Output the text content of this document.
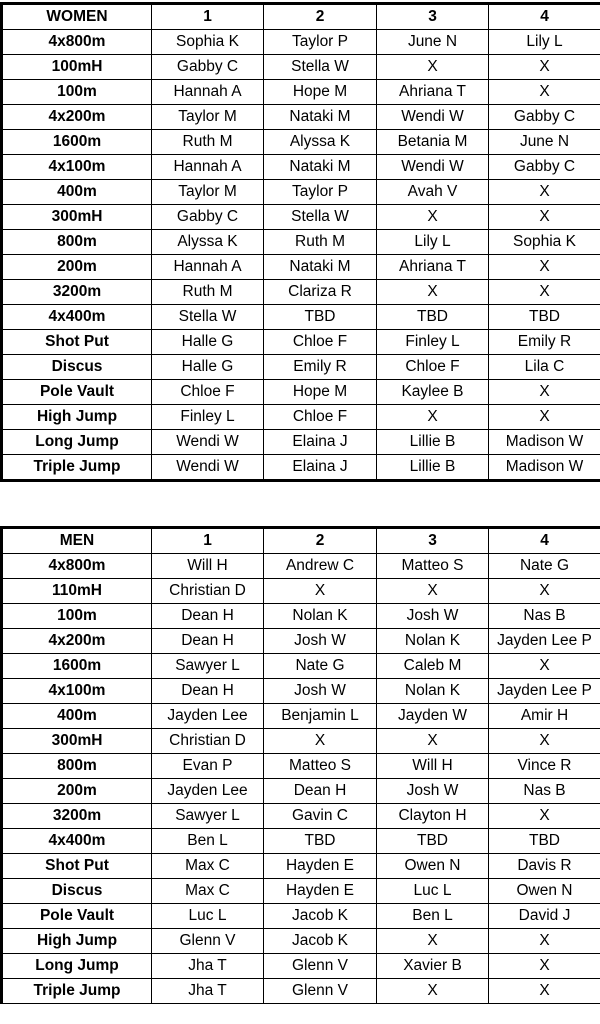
WOMEN	1	2	3	4
4x800m	Sophia K	Taylor P	June N	Lily L
100mH	Gabby C	Stella W	X	X
100m	Hannah A	Hope M	Ahriana T	X
4x200m	Taylor M	Nataki M	Wendi W	Gabby C
1600m	Ruth M	Alyssa K	Betania M	June N
4x100m	Hannah A	Nataki M	Wendi W	Gabby C
400m	Taylor M	Taylor P	Avah V	X
300mH	Gabby C	Stella W	X	X
800m	Alyssa K	Ruth M	Lily L	Sophia K
200m	Hannah A	Nataki M	Ahriana T	X
3200m	Ruth M	Clariza R	X	X
4x400m	Stella W	TBD	TBD	TBD
Shot Put	Halle G	Chloe F	Finley L	Emily R
Discus	Halle G	Emily R	Chloe F	Lila C
Pole Vault	Chloe F	Hope M	Kaylee B	X
High Jump	Finley L	Chloe F	X	X
Long Jump	Wendi W	Elaina J	Lillie B	Madison W
Triple Jump	Wendi W	Elaina J	Lillie B	Madison W
MEN	1	2	3	4
4x800m	Will H	Andrew C	Matteo S	Nate G
110mH	Christian D	X	X	X
100m	Dean H	Nolan K	Josh W	Nas B
4x200m	Dean H	Josh W	Nolan K	Jayden Lee P
1600m	Sawyer L	Nate G	Caleb M	X
4x100m	Dean H	Josh W	Nolan K	Jayden Lee P
400m	Jayden Lee	Benjamin L	Jayden W	Amir H
300mH	Christian D	X	X	X
800m	Evan P	Matteo S	Will H	Vince R
200m	Jayden Lee	Dean H	Josh W	Nas B
3200m	Sawyer L	Gavin C	Clayton H	X
4x400m	Ben L	TBD	TBD	TBD
Shot Put	Max C	Hayden E	Owen N	Davis R
Discus	Max C	Hayden E	Luc L	Owen N
Pole Vault	Luc L	Jacob K	Ben L	David J
High Jump	Glenn V	Jacob K	X	X
Long Jump	Jha T	Glenn V	Xavier B	X
Triple Jump	Jha T	Glenn V	X	X
